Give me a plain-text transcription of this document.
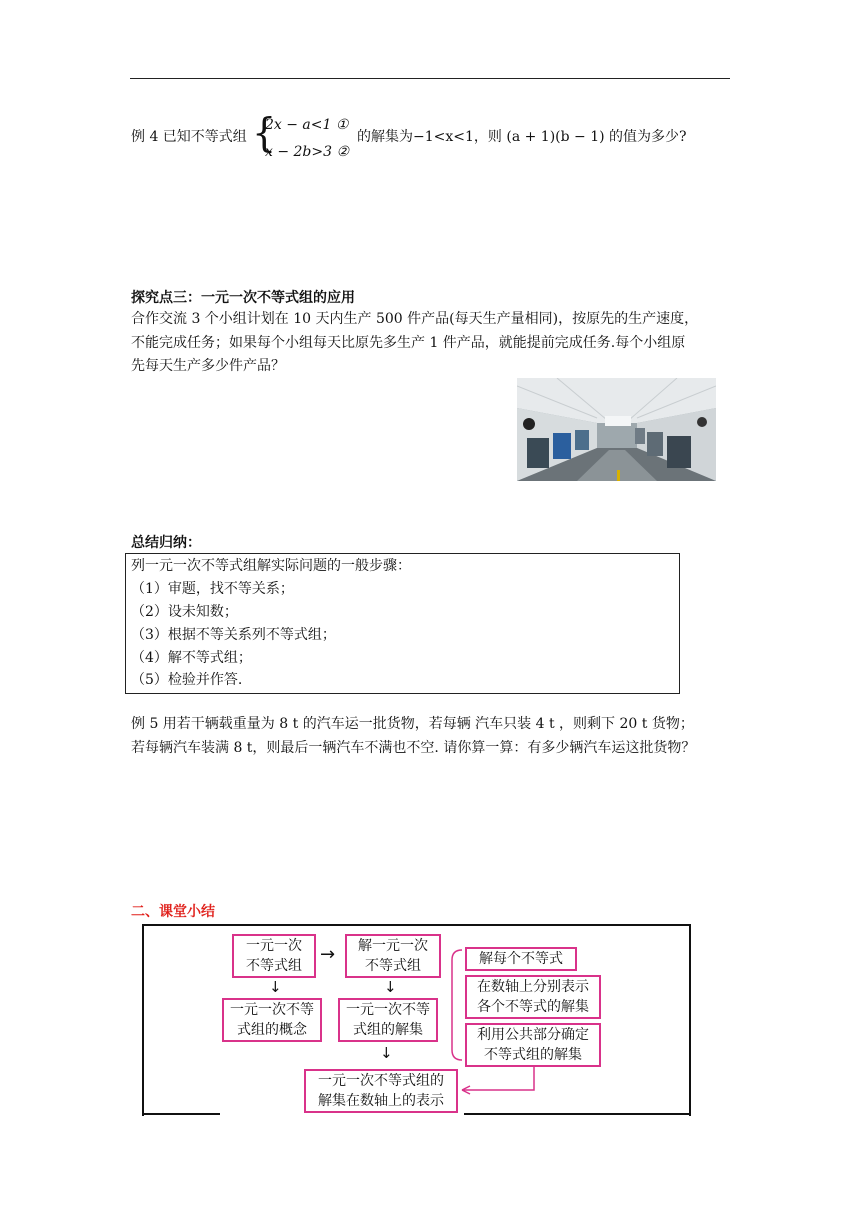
例 4 已知不等式组 {
2x − a<1 ①
x − 2b>3 ②
的解集为−1<x<1，则 (a + 1)(b − 1) 的值为多少?
探究点三：一元一次不等式组的应用
合作交流 3 个小组计划在 10 天内生产 500 件产品(每天生产量相同)，按原先的生产速度，
不能完成任务；如果每个小组每天比原先多生产 1 件产品，就能提前完成任务.每个小组原
先每天生产多少件产品？
总结归纳：
列一元一次不等式组解实际问题的一般步骤：
（1）审题，找不等关系；
（2）设未知数；
（3）根据不等关系列不等式组；
（4）解不等式组；
（5）检验并作答.
例 5 用若干辆载重量为 8 t 的汽车运一批货物，若每辆 汽车只装 4 t ，则剩下 20 t 货物；
若每辆汽车装满 8 t，则最后一辆汽车不满也不空. 请你算一算：有多少辆汽车运这批货物？
二、课堂小结
一元一次
不等式组
解一元一次
不等式组
一元一次不等
式组的概念
一元一次不等
式组的解集
解每个不等式
在数轴上分别表示
各个不等式的解集
利用公共部分确定
不等式组的解集
一元一次不等式组的
解集在数轴上的表示
→
↓	↓
↓
